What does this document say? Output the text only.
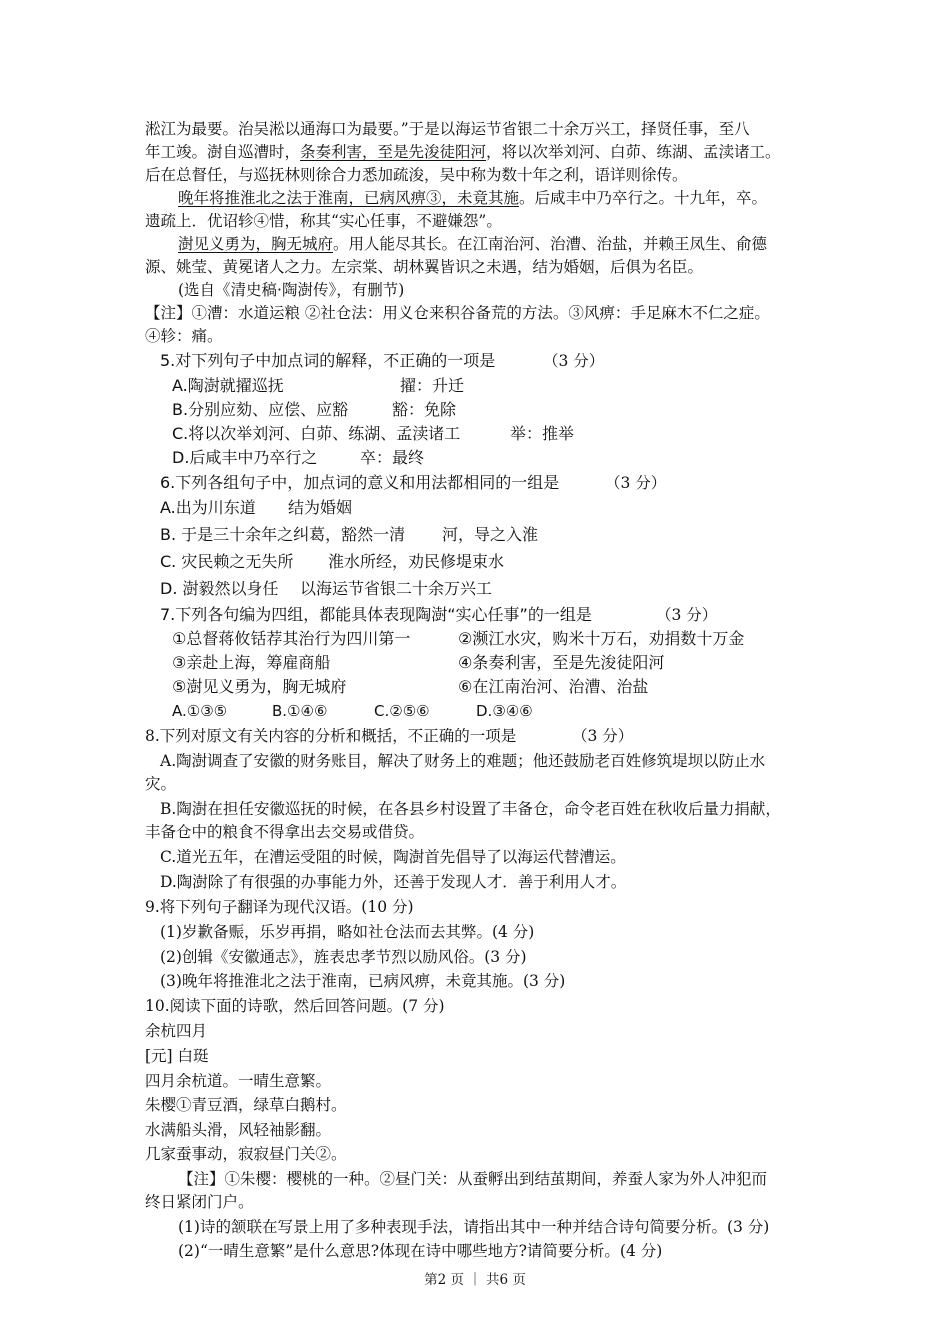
淞江为最要。治吴淞以通海口为最要。”于是以海运节省银二十余万兴工，择贤任事，至八
年工竣。澍自巡漕时，条奏利害，至是先浚徒阳河，将以次举刘河、白茆、练湖、孟渎诸工。
后在总督任，与巡抚林则徐合力悉加疏浚，吴中称为数十年之利，语详则徐传。
晚年将推淮北之法于淮南，已病风痹③，未竟其施。后咸丰中乃卒行之。十九年，卒。
遗疏上．优诏轸④惜，称其“实心任事，不避嫌怨”。
澍见义勇为，胸无城府。用人能尽其长。在江南治河、治漕、治盐，并赖王凤生、俞德
源、姚莹、黄冕诸人之力。左宗棠、胡林翼皆识之未遇，结为婚姻，后俱为名臣。
(选自《清史稿·陶澍传》，有删节)
【注】①漕：水道运粮 ②社仓法：用义仓来积谷备荒的方法。③风痹：手足麻木不仁之症。
④轸：痛。
5.对下列句子中加点词的解释，不正确的一项是	（3 分）
A.陶澍就擢巡抚	擢：升迁
B.分别应劾、应偿、应豁	豁：免除
C.将以次举刘河、白茆、练湖、孟渎诸工	举：推举
D.后咸丰中乃卒行之	卒：最终
6.下列各组句子中，加点词的意义和用法都相同的一组是	（3 分）
A.出为川东道 结为婚姻
B. 于是三十余年之纠葛，豁然一清 河，导之入淮
C. 灾民赖之无失所 淮水所经，劝民修堤束水
D. 澍毅然以身任 以海运节省银二十余万兴工
7.下列各句编为四组，都能具体表现陶澍“实心任事”的一组是	（3 分）
①总督蒋攸铦荐其治行为四川第一	②濒江水灾，购米十万石，劝捐数十万金
③亲赴上海，筹雇商船	④条奏利害，至是先浚徒阳河
⑤澍见义勇为，胸无城府	⑥在江南治河、治漕、治盐
A.①③⑤	B.①④⑥	C.②⑤⑥	D.③④⑥
8.下列对原文有关内容的分析和概括，不正确的一项是	（3 分）
A.陶澍调查了安徽的财务账目，解决了财务上的难题；他还鼓励老百姓修筑堤坝以防止水
灾。
B.陶澍在担任安徽巡抚的时候，在各县乡村设置了丰备仓，命令老百姓在秋收后量力捐献，
丰备仓中的粮食不得拿出去交易或借贷。
C.道光五年，在漕运受阻的时候，陶澍首先倡导了以海运代替漕运。
D.陶澍除了有很强的办事能力外，还善于发现人才．善于利用人才。
9.将下列句子翻译为现代汉语。(10 分)
(1)岁歉备赈，乐岁再捐，略如社仓法而去其弊。(4 分)
(2)创辑《安徽通志》，旌表忠孝节烈以励风俗。(3 分)
(3)晚年将推淮北之法于淮南，已病风痹，未竟其施。(3 分)
10.阅读下面的诗歌，然后回答问题。(7 分)
余杭四月
[元] 白珽
四月余杭道。一晴生意繁。
朱樱①青豆酒，绿草白鹅村。
水满船头滑，风轻袖影翻。
几家蚕事动，寂寂昼门关②。
【注】①朱樱：樱桃的一种。②昼门关：从蚕孵出到结茧期间，养蚕人家为外人冲犯而
终日紧闭门户。
(1)诗的颔联在写景上用了多种表现手法，请指出其中一种并结合诗句简要分析。(3 分)
(2)“一晴生意繁”是什么意思?体现在诗中哪些地方?请简要分析。(4 分)
第2 页 ｜ 共6 页
